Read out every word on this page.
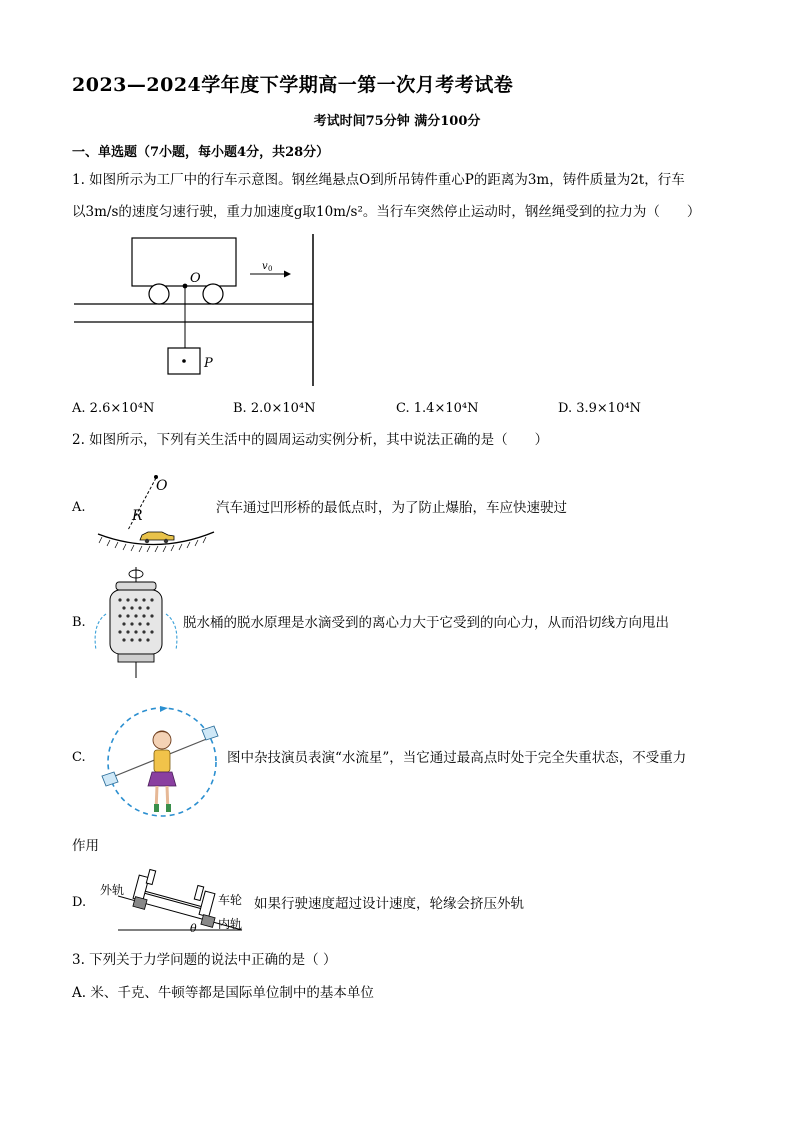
2023—2024学年度下学期高一第一次月考考试卷
考试时间75分钟 满分100分
一、单选题（7小题，每小题4分，共28分）
1. 如图所示为工厂中的行车示意图。钢丝绳悬点O到所吊铸件重心P的距离为3m，铸件质量为2t，行车
以3m/s的速度匀速行驶，重力加速度g取10m/s²。当行车突然停止运动时，钢丝绳受到的拉力为（　　）
O
P
v 0
A. 2.6×10⁴N	B. 2.0×10⁴N	C. 1.4×10⁴N	D. 3.9×10⁴N
2. 如图所示，下列有关生活中的圆周运动实例分析，其中说法正确的是（　　）
A.
O
R	汽车通过凹形桥的最低点时，为了防止爆胎，车应快速驶过
B.	脱水桶的脱水原理是水滴受到的离心力大于它受到的向心力，从而沿切线方向甩出
C.	图中杂技演员表演“水流星”，当它通过最高点时处于完全失重状态，不受重力
作用
D.
外轨
车轮
内轨
θ
如果行驶速度超过设计速度，轮缘会挤压外轨
3. 下列关于力学问题的说法中正确的是（ ）
A. 米、千克、牛顿等都是国际单位制中的基本单位
